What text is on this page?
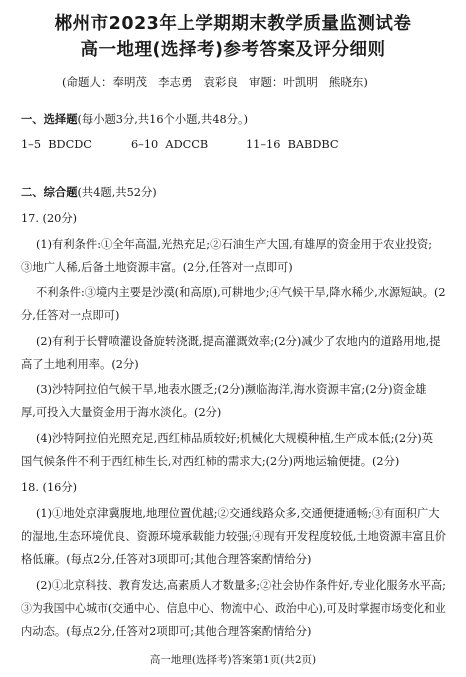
郴州市2023年上学期期末教学质量监测试卷
高一地理(选择考)参考答案及评分细则
(命题人：奉明茂   李志勇   袁彩良   审题：叶凯明   熊晓东)
一、选择题(每小题3分,共16个小题,共48分。)
1–5 BDCDC	6–10 ADCCB	11–16 BABDBC
二、综合题(共4题,共52分)
17. (20分)
(1)有利条件:①全年高温,光热充足;②石油生产大国,有雄厚的资金用于农业投资;
③地广人稀,后备土地资源丰富。(2分,任答对一点即可)
不利条件:③境内主要是沙漠(和高原),可耕地少;④气候干旱,降水稀少,水源短缺。(2
分,任答对一点即可)
(2)有利于长臂喷灌设备旋转浇溉,提高灌溉效率;(2分)减少了农地内的道路用地,提
高了土地利用率。(2分)
(3)沙特阿拉伯气候干旱,地表水匮乏;(2分)濒临海洋,海水资源丰富;(2分)资金雄
厚,可投入大量资金用于海水淡化。(2分)
(4)沙特阿拉伯光照充足,西红柿品质较好;机械化大规模种植,生产成本低;(2分)英
国气候条件不利于西红柿生长,对西红柿的需求大;(2分)两地运输便捷。(2分)
18. (16分)
(1)①地处京津冀腹地,地理位置优越;②交通线路众多,交通便捷通畅;③有面积广大
的湿地,生态环境优良、资源环境承载能力较强;④现有开发程度较低,土地资源丰富且价
格低廉。(每点2分,任答对3项即可;其他合理答案酌情给分)
(2)①北京科技、教育发达,高素质人才数量多;②社会协作条件好,专业化服务水平高;
③为我国中心城市(交通中心、信息中心、物流中心、政治中心),可及时掌握市场变化和业
内动态。(每点2分,任答对2项即可;其他合理答案酌情给分)
高一地理(选择考)答案第1页(共2页)
